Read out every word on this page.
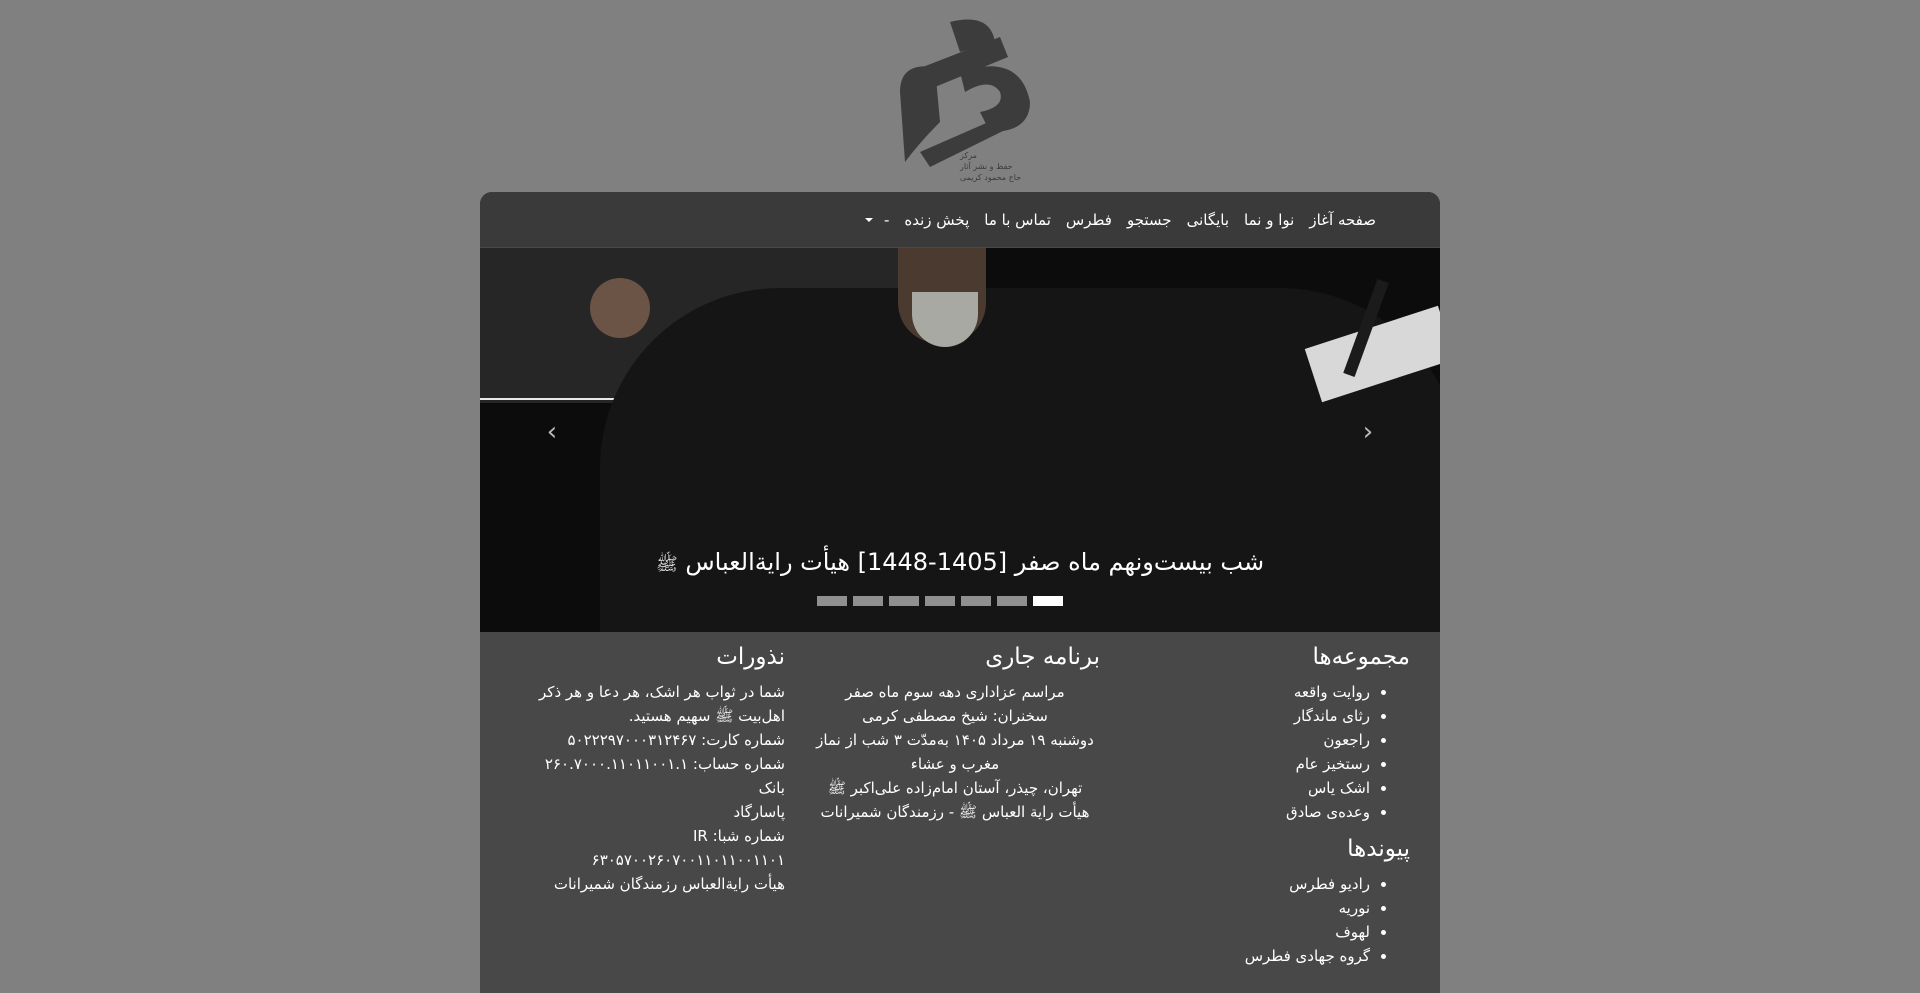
مرکز
حفظ و نشر آثار
حاج محمود کریمی
صفحه آغاز
نوا و نما
بایگانی
جستجو
فطرس
تماس با ما
پخش زنده
-
‹	›
شب بیست‌ونهم ماه صفر [1405-1448] هیأت رایة‌العباس ﷺ
مجموعه‌ها
• روایت واقعه
• رثای ماندگار
• راجعون
• رستخیز عام
• اشک یاس
• وعده‌ی صادق
پیوندها
• رادیو فطرس
• نوریه
• لهوف
• گروه جهادی فطرس
برنامه جاری
مراسم عزاداری دهه سوم ماه صفر
سخنران: شیخ مصطفی کرمی
دوشنبه ۱۹ مرداد ۱۴۰۵ به‌مدّت ۳ شب از نماز
مغرب و عشاء
تهران، چیذر، آستان امام‌زاده علی‌اکبر ﷺ
هیأت رایة العباس ﷺ - رزمندگان شمیرانات
نذورات
شما در ثواب هر اشک، هر دعا و هر ذکر
اهل‌بیت ﷺ سهیم هستید.
شماره کارت: ۵۰۲۲۲۹۷۰۰۰۳۱۲۴۶۷
شماره حساب: ۲۶۰.۷۰۰۰.۱۱۰۱۱۰۰۱.۱ بانک
پاسارگاد
شماره شبا: IR ۶۳۰۵۷۰۰۲۶۰۷۰۰۱۱۰۱۱۰۰۱۱۰۱
هیأت رایة‌العباس رزمندگان شمیرانات
